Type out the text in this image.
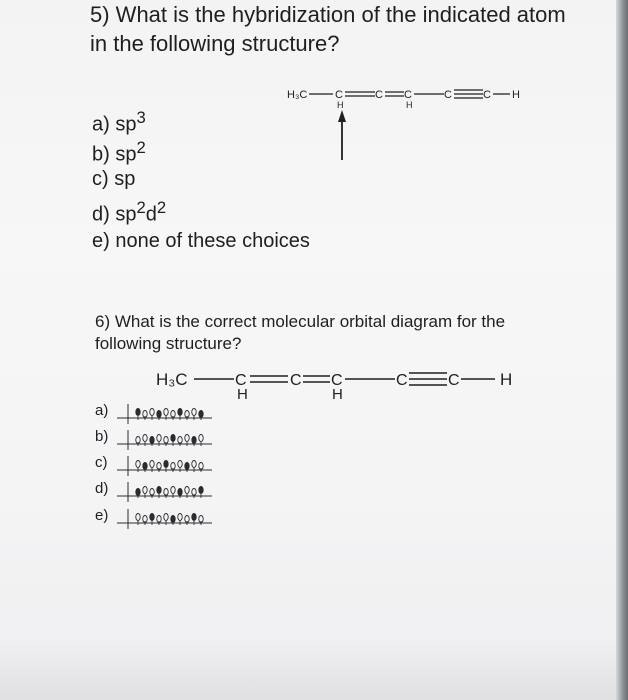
5) What is the hybridization of the indicated atom in the following structure?
H₃C	C
H
C C
H
C	C H
a) $sp^3$
b) $sp^2$
c) sp
d) $sp^2d^2$
e) none of these choices
6) What is the correct molecular orbital diagram for the following structure?
H₃C	C
H
C C
H
C	C H
a)
b)
c)
d)
e)
